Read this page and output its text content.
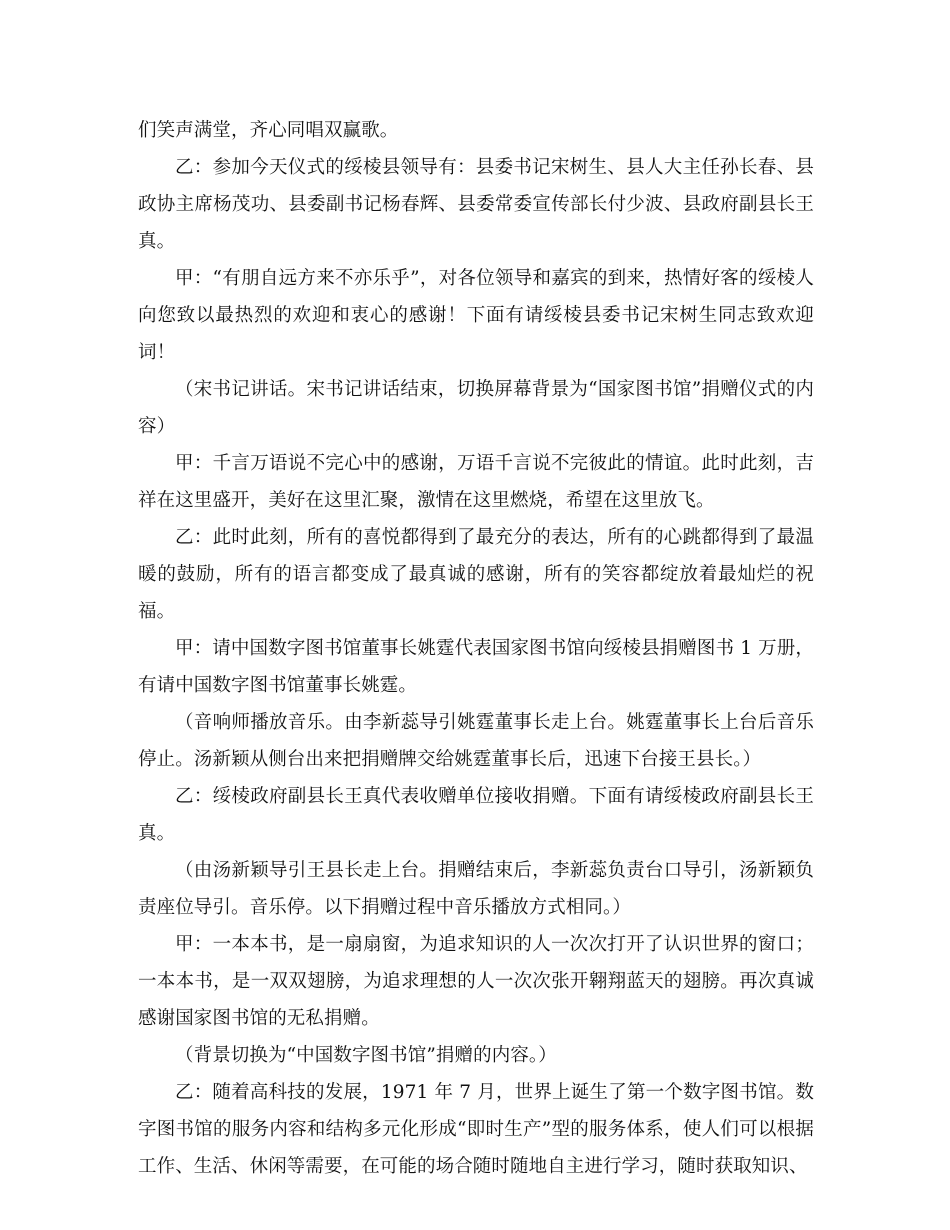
们笑声满堂，齐心同唱双赢歌。

乙：参加今天仪式的绥棱县领导有：县委书记宋树生、县人大主任孙长春、县政协主席杨茂功、县委副书记杨春辉、县委常委宣传部长付少波、县政府副县长王真。

甲：“有朋自远方来不亦乐乎”，对各位领导和嘉宾的到来，热情好客的绥棱人向您致以最热烈的欢迎和衷心的感谢！下面有请绥棱县委书记宋树生同志致欢迎词！

（宋书记讲话。宋书记讲话结束，切换屏幕背景为“国家图书馆”捐赠仪式的内容）

甲：千言万语说不完心中的感谢，万语千言说不完彼此的情谊。此时此刻，吉祥在这里盛开，美好在这里汇聚，激情在这里燃烧，希望在这里放飞。

乙：此时此刻，所有的喜悦都得到了最充分的表达，所有的心跳都得到了最温暖的鼓励，所有的语言都变成了最真诚的感谢，所有的笑容都绽放着最灿烂的祝福。

甲：请中国数字图书馆董事长姚霆代表国家图书馆向绥棱县捐赠图书 1 万册，有请中国数字图书馆董事长姚霆。

（音响师播放音乐。由李新蕊导引姚霆董事长走上台。姚霆董事长上台后音乐停止。汤新颖从侧台出来把捐赠牌交给姚霆董事长后，迅速下台接王县长。）

乙：绥棱政府副县长王真代表收赠单位接收捐赠。下面有请绥棱政府副县长王真。

（由汤新颖导引王县长走上台。捐赠结束后，李新蕊负责台口导引，汤新颖负责座位导引。音乐停。以下捐赠过程中音乐播放方式相同。）

甲：一本本书，是一扇扇窗，为追求知识的人一次次打开了认识世界的窗口；一本本书，是一双双翅膀，为追求理想的人一次次张开翱翔蓝天的翅膀。再次真诚感谢国家图书馆的无私捐赠。

（背景切换为“中国数字图书馆”捐赠的内容。）

乙：随着高科技的发展，1971 年 7 月，世界上诞生了第一个数字图书馆。数字图书馆的服务内容和结构多元化形成“即时生产”型的服务体系，使人们可以根据工作、生活、休闲等需要，在可能的场合随时随地自主进行学习，随时获取知识、
